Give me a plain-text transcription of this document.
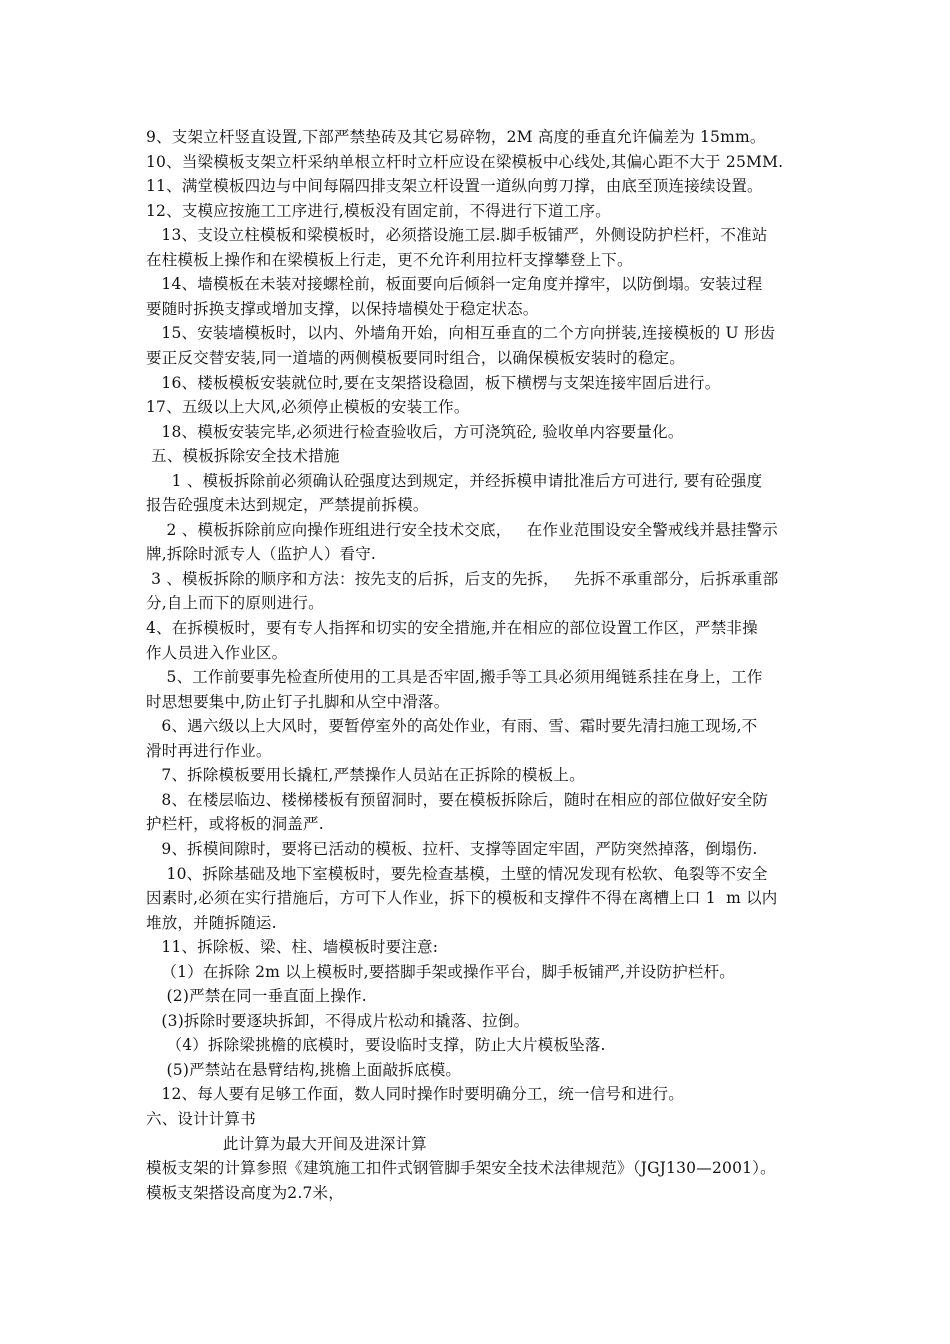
9、支架立杆竖直设置,下部严禁垫砖及其它易碎物，2M 高度的垂直允许偏差为 15mm。
10、当梁模板支架立杆采纳单根立杆时立杆应设在梁模板中心线处,其偏心距不大于 25MM.
11、满堂模板四边与中间每隔四排支架立杆设置一道纵向剪刀撑，由底至顶连接续设置。
12、支模应按施工工序进行,模板没有固定前，不得进行下道工序。
13、支设立柱模板和梁模板时，必须搭设施工层.脚手板铺严，外侧设防护栏杆，不准站
在柱模板上操作和在梁模板上行走，更不允许利用拉杆支撑攀登上下。
14、墙模板在未装对接螺栓前，板面要向后倾斜一定角度并撑牢，以防倒塌。安装过程
要随时拆换支撑或增加支撑，以保持墙模处于稳定状态。
15、安装墙模板时，以内、外墙角开始，向相互垂直的二个方向拼装,连接模板的 U 形齿
要正反交替安装,同一道墙的两侧模板要同时组合，以确保模板安装时的稳定。
16、楼板模板安装就位时,要在支架搭设稳固，板下横楞与支架连接牢固后进行。
17、五级以上大风,必须停止模板的安装工作。
18、模板安装完毕,必须进行检查验收后，方可浇筑砼, 验收单内容要量化。
五、模板拆除安全技术措施
1 、模板拆除前必须确认砼强度达到规定，并经拆模申请批准后方可进行, 要有砼强度
报告砼强度未达到规定，严禁提前拆模。
2 、模板拆除前应向操作班组进行安全技术交底，   在作业范围设安全警戒线并悬挂警示
牌,拆除时派专人（监护人）看守.
3 、模板拆除的顺序和方法：按先支的后拆，后支的先拆，   先拆不承重部分，后拆承重部
分,自上而下的原则进行。
4、在拆模板时，要有专人指挥和切实的安全措施,并在相应的部位设置工作区，严禁非操
作人员进入作业区。
5、工作前要事先检查所使用的工具是否牢固,搬手等工具必须用绳链系挂在身上，工作
时思想要集中,防止钉子扎脚和从空中滑落。
6、遇六级以上大风时，要暂停室外的高处作业，有雨、雪、霜时要先清扫施工现场,不
滑时再进行作业。
7、拆除模板要用长撬杠,严禁操作人员站在正拆除的模板上。
8、在楼层临边、楼梯楼板有预留洞时，要在模板拆除后，随时在相应的部位做好安全防
护栏杆，或将板的洞盖严.
9、拆模间隙时，要将已活动的模板、拉杆、支撑等固定牢固，严防突然掉落，倒塌伤.
10、拆除基础及地下室模板时，要先检查基模，土壁的情况发现有松软、龟裂等不安全
因素时,必须在实行措施后，方可下人作业，拆下的模板和支撑件不得在离槽上口 1  m 以内
堆放，并随拆随运.
11、拆除板、梁、柱、墙模板时要注意:
（1）在拆除 2m 以上模板时,要搭脚手架或操作平台，脚手板铺严,并设防护栏杆。
(2)严禁在同一垂直面上操作.
(3)拆除时要逐块拆卸，不得成片松动和撬落、拉倒。
（4）拆除梁挑檐的底模时，要设临时支撑，防止大片模板坠落.
(5)严禁站在悬臂结构,挑檐上面敲拆底模。
12、每人要有足够工作面，数人同时操作时要明确分工，统一信号和进行。
六、设计计算书
此计算为最大开间及进深计算
模板支架的计算参照《建筑施工扣件式钢管脚手架安全技术法律规范》（JGJ130—2001）。
模板支架搭设高度为2.7米，
